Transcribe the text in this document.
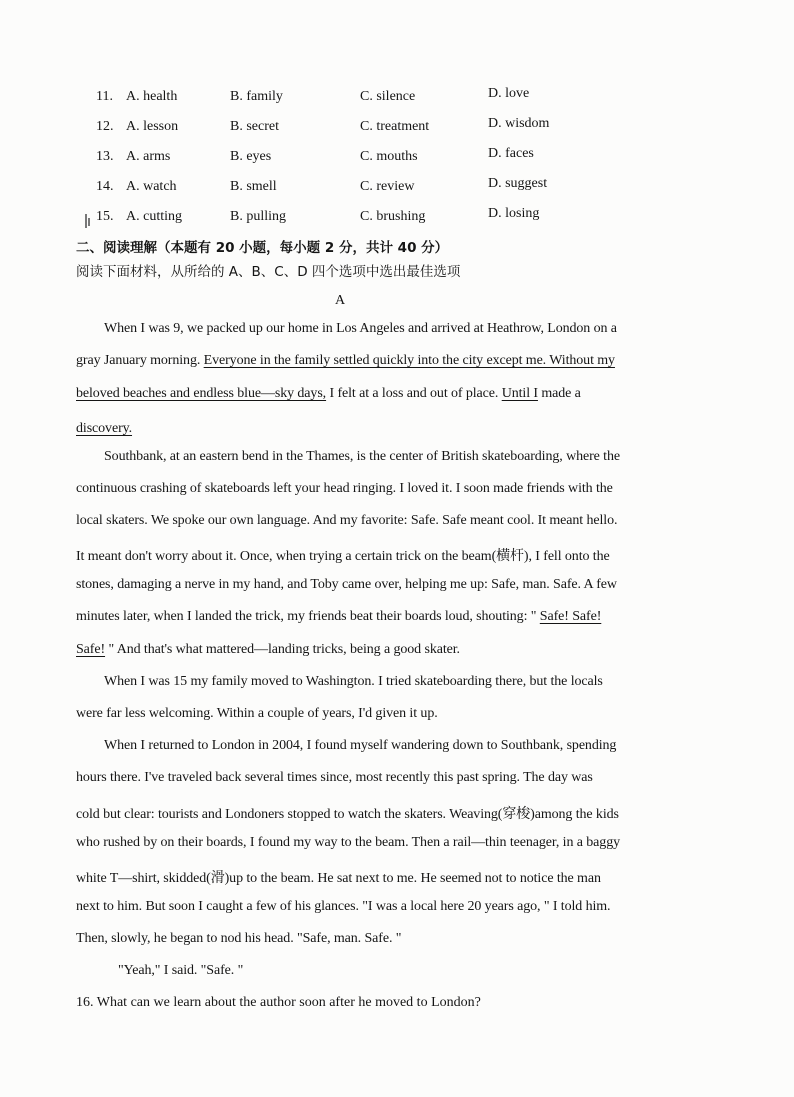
11. A. health	B. family	C. silence	D. love
12. A. lesson	B. secret	C. treatment	D. wisdom
13. A. arms	B. eyes	C. mouths	D. faces
14. A. watch	B. smell	C. review	D. suggest
15. A. cutting	B. pulling	C. brushing	D. losing
二、阅读理解（本题有 20 小题，每小题 2 分，共计 40 分）
阅读下面材料，从所给的 A、B、C、D 四个选项中选出最佳选项
A
When I was 9, we packed up our home in Los Angeles and arrived at Heathrow, London on a
gray January morning. Everyone in the family settled quickly into the city except me. Without my
beloved beaches and endless blue—sky days, I felt at a loss and out of place. Until I made a
discovery.
Southbank, at an eastern bend in the Thames, is the center of British skateboarding, where the
continuous crashing of skateboards left your head ringing. I loved it. I soon made friends with the
local skaters. We spoke our own language. And my favorite: Safe. Safe meant cool. It meant hello.
It meant don't worry about it. Once, when trying a certain trick on the beam(横杆), I fell onto the
stones, damaging a nerve in my hand, and Toby came over, helping me up: Safe, man. Safe. A few
minutes later, when I landed the trick, my friends beat their boards loud, shouting: " Safe! Safe!
Safe! " And that's what mattered—landing tricks, being a good skater.
When I was 15 my family moved to Washington. I tried skateboarding there, but the locals
were far less welcoming. Within a couple of years, I'd given it up.
When I returned to London in 2004, I found myself wandering down to Southbank, spending
hours there. I've traveled back several times since, most recently this past spring. The day was
cold but clear: tourists and Londoners stopped to watch the skaters. Weaving(穿梭)among the kids
who rushed by on their boards, I found my way to the beam. Then a rail—thin teenager, in a baggy
white T—shirt, skidded(滑)up to the beam. He sat next to me. He seemed not to notice the man
next to him. But soon I caught a few of his glances. "I was a local here 20 years ago, " I told him.
Then, slowly, he began to nod his head. "Safe, man. Safe. "
"Yeah," I said. "Safe. "
16. What can we learn about the author soon after he moved to London?
